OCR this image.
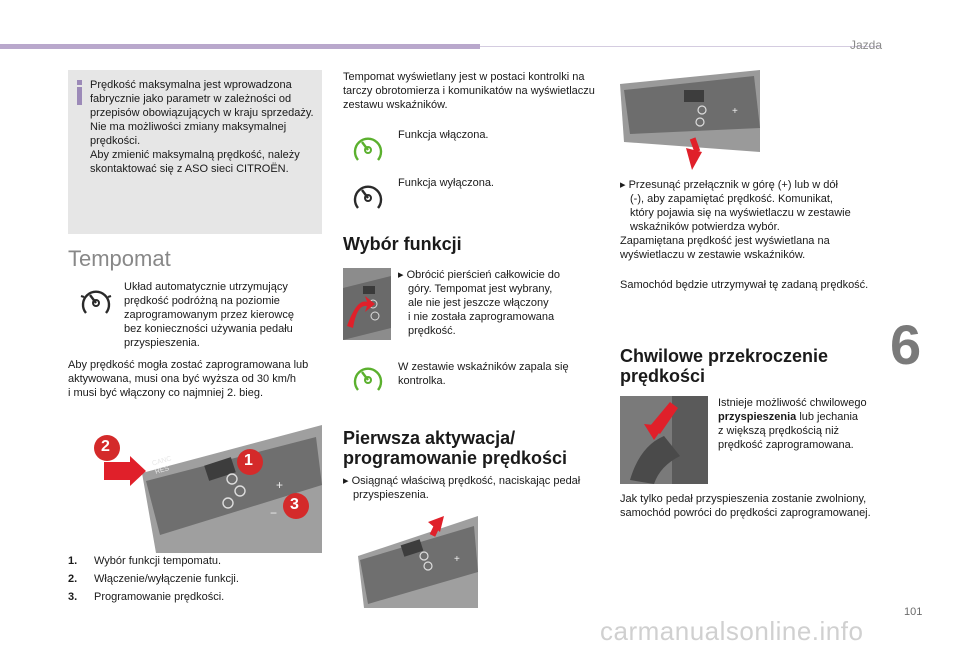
Jazda
6
101
carmanualsonline.info

Prędkość maksymalna jest wprowadzona

fabrycznie jako parametr w zależności od

przepisów obowiązujących w kraju sprzedaży.

Nie ma możliwości zmiany maksymalnej

prędkości.

Aby zmienić maksymalną prędkość, należy

skontaktować się z ASO sieci CITROËN.

Tempomat
Układ automatycznie utrzymujący
prędkość podróżną na poziomie
zaprogramowanym przez kierowcę
bez konieczności używania pedału
przyspieszenia.
Aby prędkość mogła zostać zaprogramowana lub
aktywowana, musi ona być wyższa od 30 km/h
i musi być włączony co najmniej 2. bieg.
+
−
CANC
RES
1
2
3
1. Wybór funkcji tempomatu.
2. Włączenie/wyłączenie funkcji.
3. Programowanie prędkości.
Tempomat wyświetlany jest w postaci kontrolki na
tarczy obrotomierza i komunikatów na wyświetlaczu
zestawu wskaźników.
Funkcja włączona.
Funkcja wyłączona.
Wybór funkcji
▸ Obrócić pierścień całkowicie do
góry. Tempomat jest wybrany,
ale nie jest jeszcze włączony
i nie została zaprogramowana
prędkość.
W zestawie wskaźników zapala się
kontrolka.
Pierwsza aktywacja/
programowanie prędkości
▸ Osiągnąć właściwą prędkość, naciskając pedał
przyspieszenia.
+
+
▸ Przesunąć przełącznik w górę (+) lub w dół
(-), aby zapamiętać prędkość. Komunikat,
który pojawia się na wyświetlaczu w zestawie
wskaźników potwierdza wybór.
Zapamiętana prędkość jest wyświetlana na
wyświetlaczu w zestawie wskaźników.
Samochód będzie utrzymywał tę zadaną prędkość.
Chwilowe przekroczenie
prędkości
Istnieje możliwość chwilowego
przyspieszenia lub jechania
z większą prędkością niż
prędkość zaprogramowana.
Jak tylko pedał przyspieszenia zostanie zwolniony,
samochód powróci do prędkości zaprogramowanej.
